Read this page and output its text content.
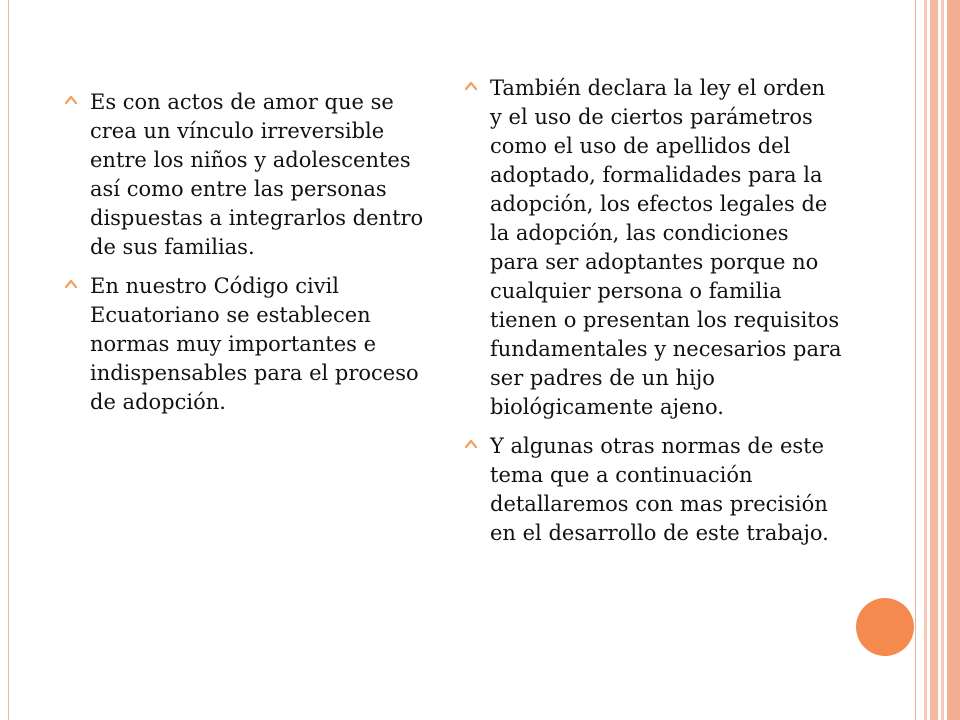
Es con actos de amor que se crea un vínculo irreversible entre los niños y adolescentes así como entre las personas dispuestas a integrarlos dentro de sus familias.
En nuestro Código civil Ecuatoriano se establecen normas muy importantes e indispensables para el proceso de adopción.
También declara la ley el orden y el uso de ciertos parámetros como el uso de apellidos del adoptado, formalidades para la adopción, los efectos legales de la adopción, las condiciones para ser adoptantes porque no cualquier persona o familia tienen o presentan los requisitos fundamentales y necesarios para ser padres de un hijo biológicamente ajeno.
Y algunas otras normas de este tema que a continuación detallaremos con mas precisión en el desarrollo de este trabajo.
